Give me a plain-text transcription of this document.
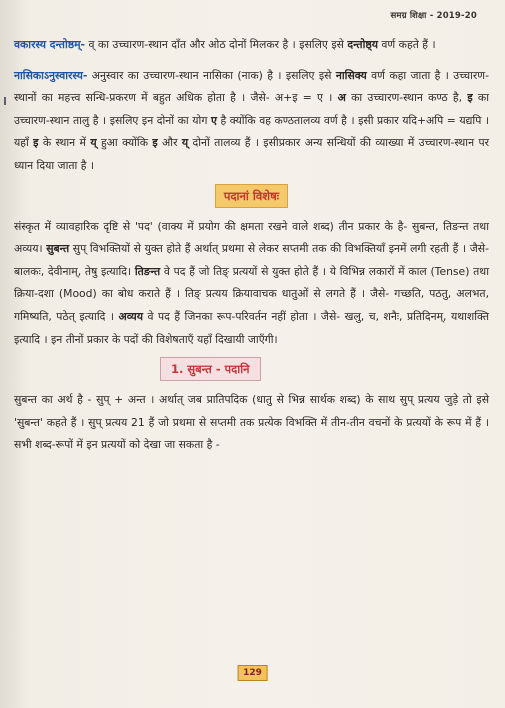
समग्र शिक्षा - 2019-20

वकारस्य दन्तोष्ठम्- व् का उच्चारण-स्थान दाँत और ओठ दोनों मिलकर है । इसलिए इसे दन्तोष्ठ्य वर्ण कहते हैं ।

नासिकाऽनुस्वारस्य- अनुस्वार का उच्चारण-स्थान नासिका (नाक) है । इसलिए इसे नासिक्य वर्ण कहा जाता है । उच्चारण-स्थानों का महत्त्व सन्धि-प्रकरण में बहुत अधिक होता है । जैसे- अ+इ = ए । अ का उच्चारण-स्थान कण्ठ है, इ का उच्चारण-स्थान तालु है । इसलिए इन दोनों का योग ए है क्योंकि वह कण्ठतालव्य वर्ण है । इसी प्रकार यदि+अपि = यद्यपि । यहाँ इ के स्थान में य् हुआ क्योंकि इ और य् दोनों तालव्य हैं । इसीप्रकार अन्य सन्धियों की व्याख्या में उच्चारण-स्थान पर ध्यान दिया जाता है ।

पदानां विशेषः

संस्कृत में व्यावहारिक दृष्टि से 'पद' (वाक्य में प्रयोग की क्षमता रखने वाले शब्द) तीन प्रकार के है- सुबन्त, तिङन्त तथा अव्यय। सुबन्त सुप् विभक्तियों से युक्त होते हैं अर्थात् प्रथमा से लेकर सप्तमी तक की विभक्तियाँ इनमें लगी रहती हैं । जैसे- बालकः, देवीनाम्, तेषु इत्यादि। तिङन्त वे पद हैं जो तिङ् प्रत्ययों से युक्त होते हैं । ये विभिन्न लकारों में काल (Tense) तथा क्रिया-दशा (Mood) का बोध कराते हैं । तिङ् प्रत्यय क्रियावाचक धातुओं से लगते हैं । जैसे- गच्छति, पठतु, अलभत, गमिष्यति, पठेत् इत्यादि । अव्यय वे पद हैं जिनका रूप-परिवर्तन नहीं होता । जैसे- खलु, च, शनैः, प्रतिदिनम्, यथाशक्ति इत्यादि । इन तीनों प्रकार के पदों की विशेषताएँ यहाँ दिखायी जाएँगी।

1. सुबन्त - पदानि

सुबन्त का अर्थ है - सुप् + अन्त । अर्थात् जब प्रातिपदिक (धातु से भिन्न सार्थक शब्द) के साथ सुप् प्रत्यय जुड़े तो इसे 'सुबन्त' कहते हैं । सुप् प्रत्यय 21 हैं जो प्रथमा से सप्तमी तक प्रत्येक विभक्ति में तीन-तीन वचनों के प्रत्ययों के रूप में हैं । सभी शब्द-रूपों में इन प्रत्ययों को देखा जा सकता है -

129
